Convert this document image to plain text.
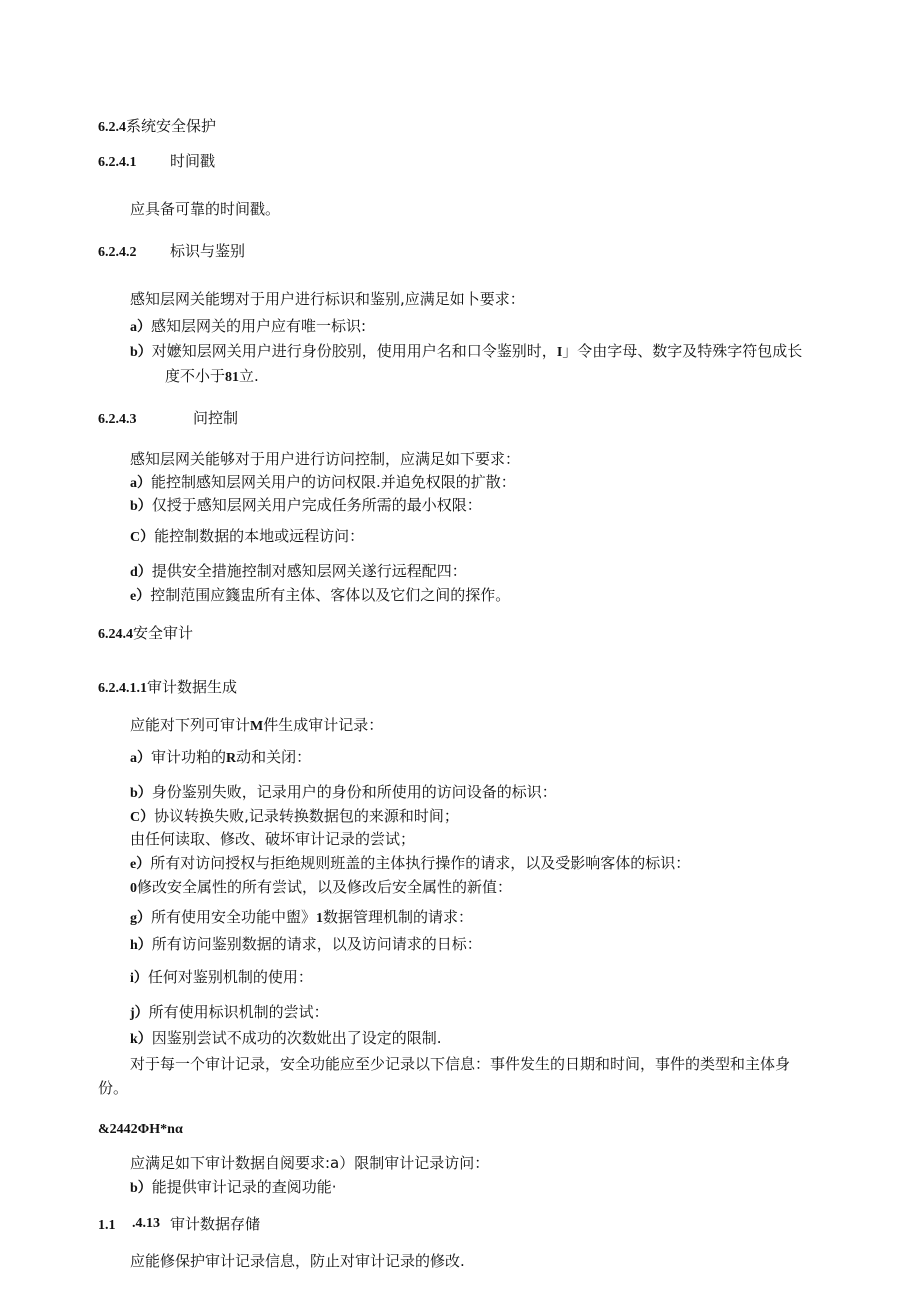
6.2.4系统安全保护
6.2.4.1 时间戳
应具备可靠的时间戳。
6.2.4.2 标识与鉴别
感知层网关能甥对于用户进行标识和鉴别,应满足如卜要求：
a）感知层网关的用户应有唯一标识:
b）对嬷知层网关用户进行身份胶别，使用用户名和口令鉴别时，I」令由字母、数字及特殊字符包成长
度不小于81立.
6.2.4.3	问控制
感知层网关能够对于用户进行访问控制，应满足如下要求：
a）能控制感知层网关用户的访问权限.并追免权限的扩散：
b）仅授于感知层网关用户完成任务所需的最小权限：
C）能控制数据的本地或远程访问：
d）提供安全措施控制对感知层网关遂行远程配四：
e）控制范围应籛盅所有主体、客体以及它们之间的探作。
6.24.4安全审计
6.2.4.1.1审计数据生成
应能对下列可审计M件生成审计记录：
a）审计功粕的R动和关闭：
b）身份鉴别失败，记录用户的身份和所使用的访问设备的标识：
C）协议转换失败,记录转换数据包的来源和时间；
由任何读取、修改、破坏审计记录的尝试；
e）所有对访问授权与拒绝规则班盖的主体执行操作的请求，以及受影响客体的标识：
0修改安全属性的所有尝试，以及修改后安全属性的新值：
g）所有使用安全功能中盥》1数据管理机制的请求：
h）所有访问鉴别数据的请求，以及访问请求的日标：
i）任何对鉴别机制的使用：
j）所有使用标识机制的尝试：
k）因鉴别尝试不成功的次数妣出了设定的限制.
对于每一个审计记录，安全功能应至少记录以下信息：事件发生的日期和时间，事件的类型和主体身
份。
&2442ΦH*nα
应满足如下审计数据自阅要求:a）限制审计记录访问：
b）能提供审计记录的查阅功能·
1.1 .4.13 审计数据存储
应能修保护审计记录信息，防止对审计记录的修改.
